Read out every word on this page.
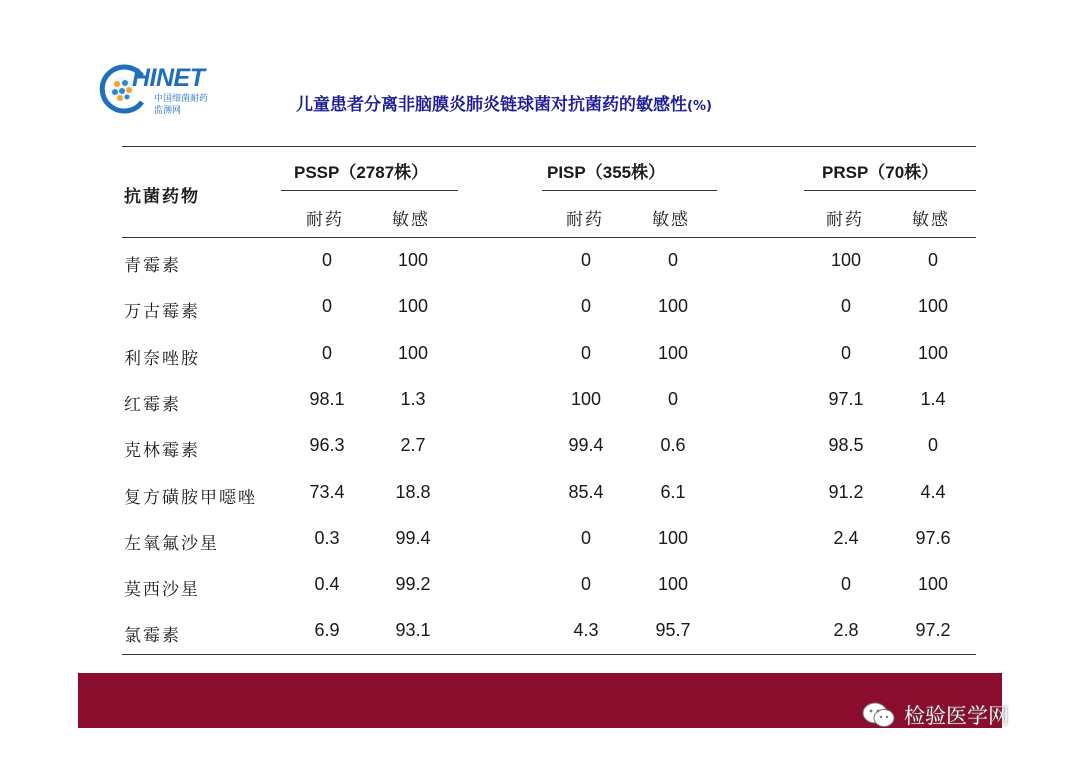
HINET
中国细菌耐药
监测网	儿童患者分离非脑膜炎肺炎链球菌对抗菌药的敏感性(%)
抗菌药物
PSSP（2787株）	PISP（355株）	PRSP（70株）
耐药	敏感	耐药	敏感	耐药	敏感
青霉素	0	100	0	0	100	0
万古霉素	0	100	0	100	0	100
利奈唑胺	0	100	0	100	0	100
红霉素	98.1	1.3	100	0	97.1	1.4
克林霉素	96.3	2.7	99.4	0.6	98.5	0
复方磺胺甲噁唑	73.4	18.8	85.4	6.1	91.2	4.4
左氧氟沙星	0.3	99.4	0	100	2.4	97.6
莫西沙星	0.4	99.2	0	100	0	100
氯霉素	6.9	93.1	4.3	95.7	2.8	97.2
检验医学网
